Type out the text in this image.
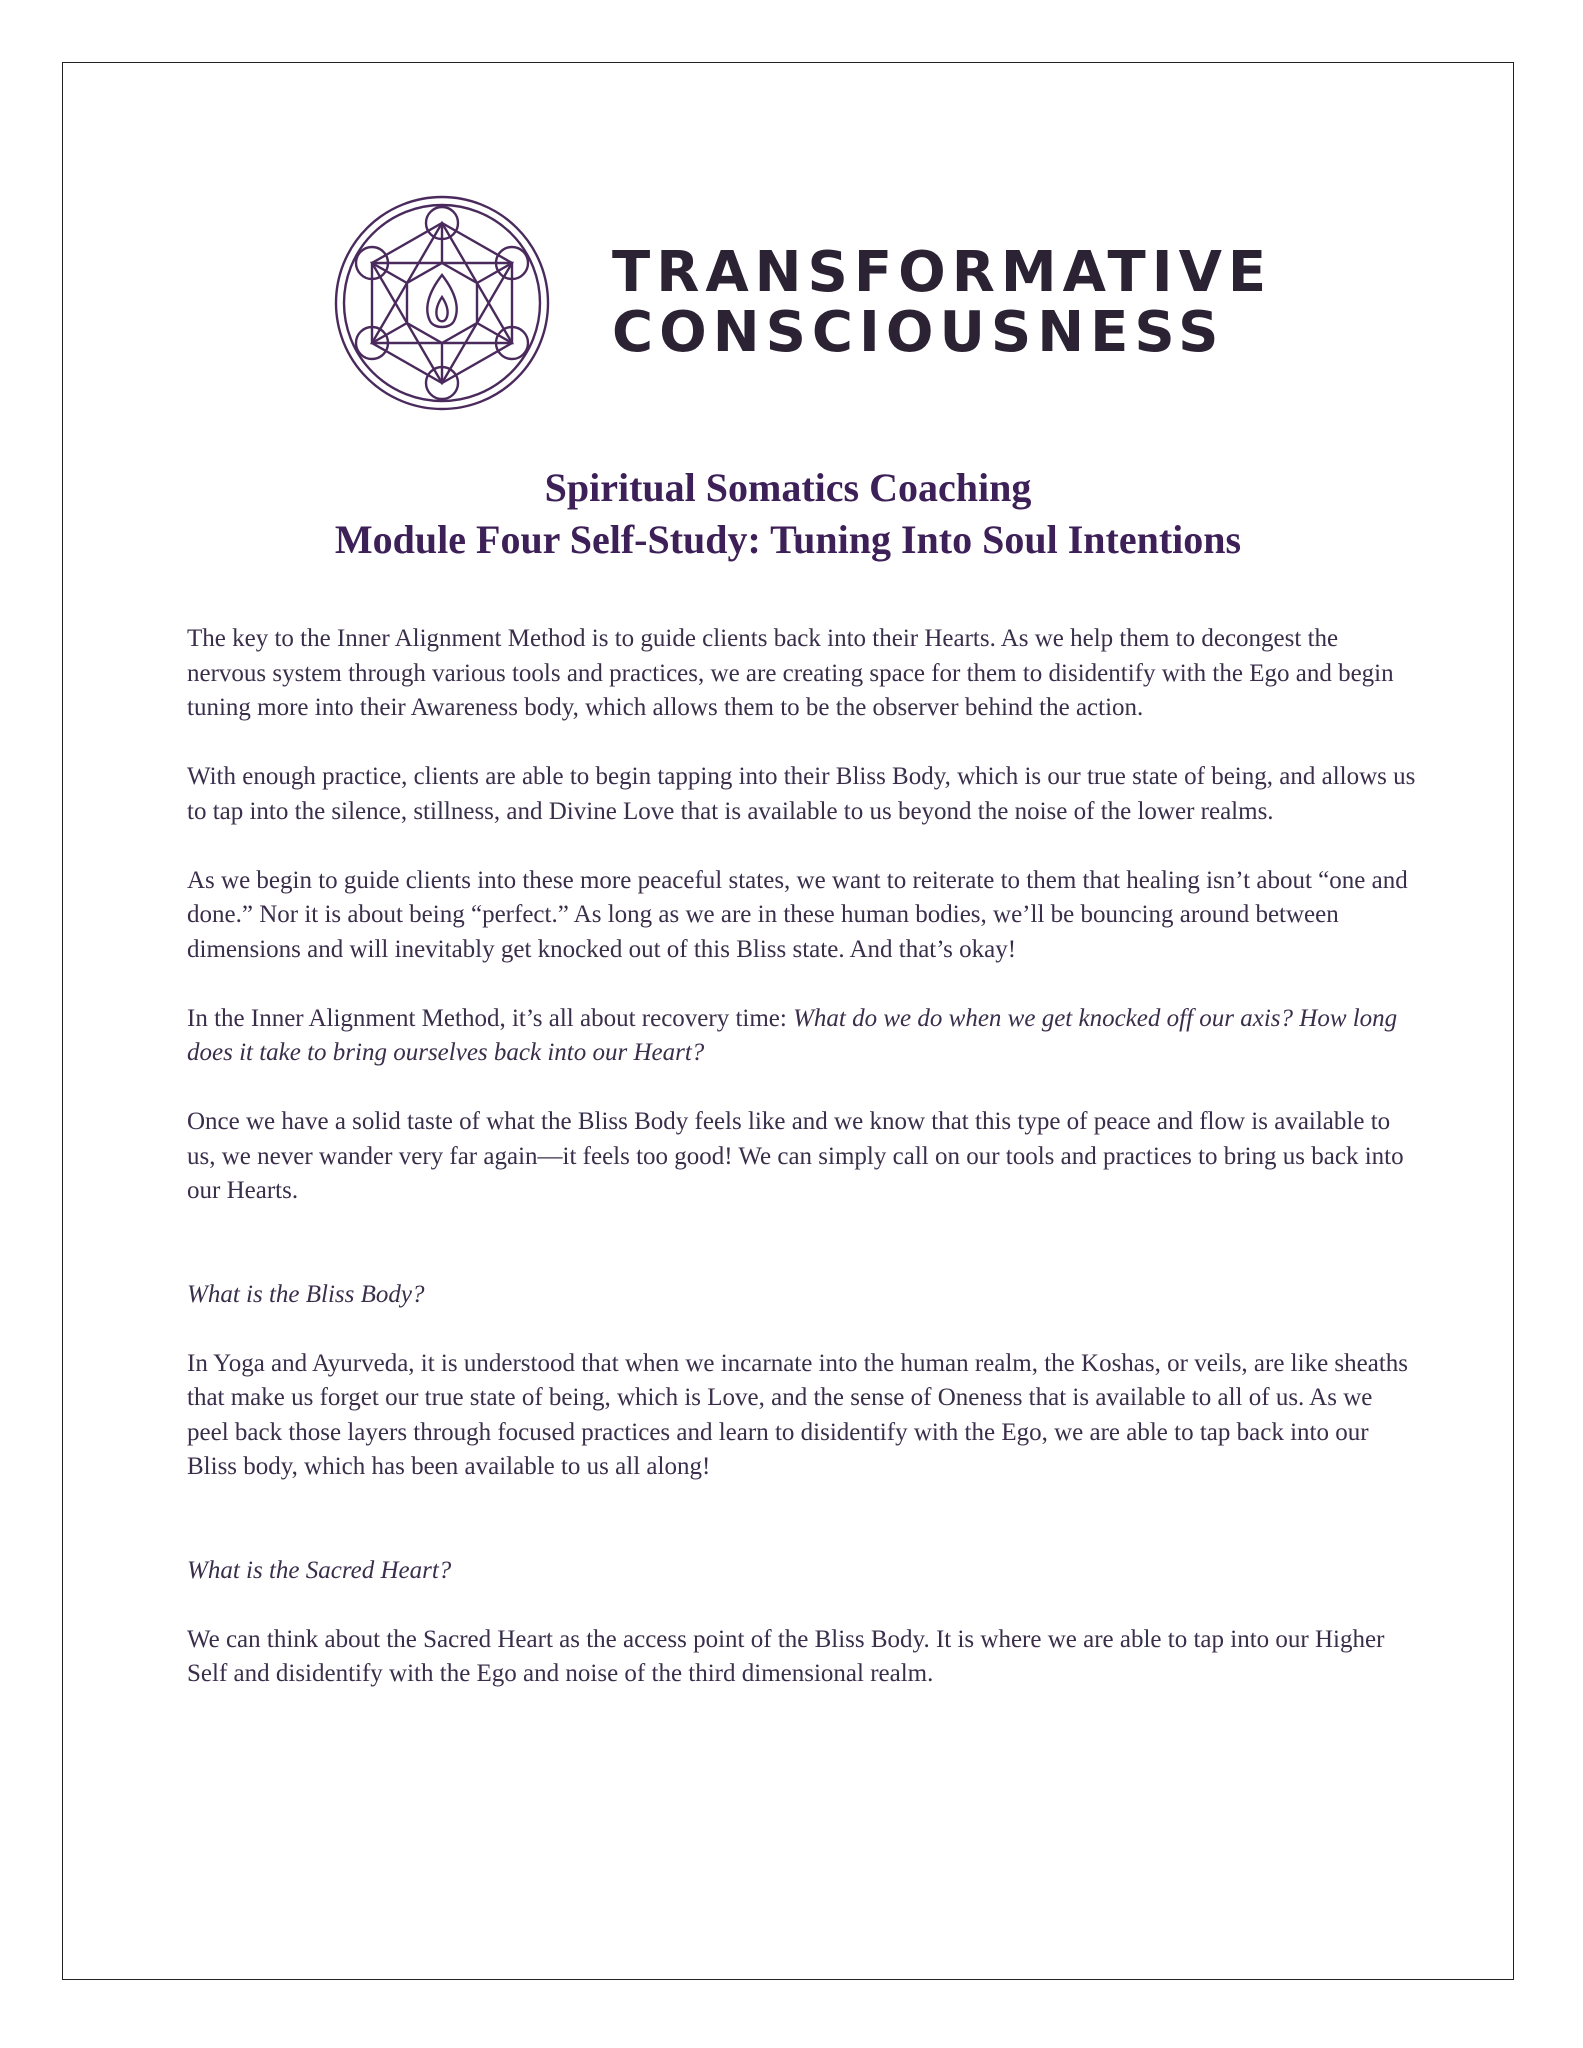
TRANSFORMATIVE
CONSCIOUSNESS
Spiritual Somatics Coaching
Module Four Self-Study: Tuning Into Soul Intentions

The key to the Inner Alignment Method is to guide clients back into their Hearts. As we help them to decongest the nervous system through various tools and practices, we are creating space for them to disidentify with the Ego and begin tuning more into their Awareness body, which allows them to be the observer behind the action.

With enough practice, clients are able to begin tapping into their Bliss Body, which is our true state of being, and allows us to tap into the silence, stillness, and Divine Love that is available to us beyond the noise of the lower realms.

As we begin to guide clients into these more peaceful states, we want to reiterate to them that healing isn’t about “one and done.” Nor it is about being “perfect.” As long as we are in these human bodies, we’ll be bouncing around between dimensions and will inevitably get knocked out of this Bliss state. And that’s okay!

In the Inner Alignment Method, it’s all about recovery time: What do we do when we get knocked off our axis? How long does it take to bring ourselves back into our Heart?

Once we have a solid taste of what the Bliss Body feels like and we know that this type of peace and flow is available to us, we never wander very far again—it feels too good! We can simply call on our tools and practices to bring us back into our Hearts.

What is the Bliss Body?

In Yoga and Ayurveda, it is understood that when we incarnate into the human realm, the Koshas, or veils, are like sheaths that make us forget our true state of being, which is Love, and the sense of Oneness that is available to all of us. As we peel back those layers through focused practices and learn to disidentify with the Ego, we are able to tap back into our Bliss body, which has been available to us all along!

What is the Sacred Heart?

We can think about the Sacred Heart as the access point of the Bliss Body. It is where we are able to tap into our Higher Self and disidentify with the Ego and noise of the third dimensional realm.
